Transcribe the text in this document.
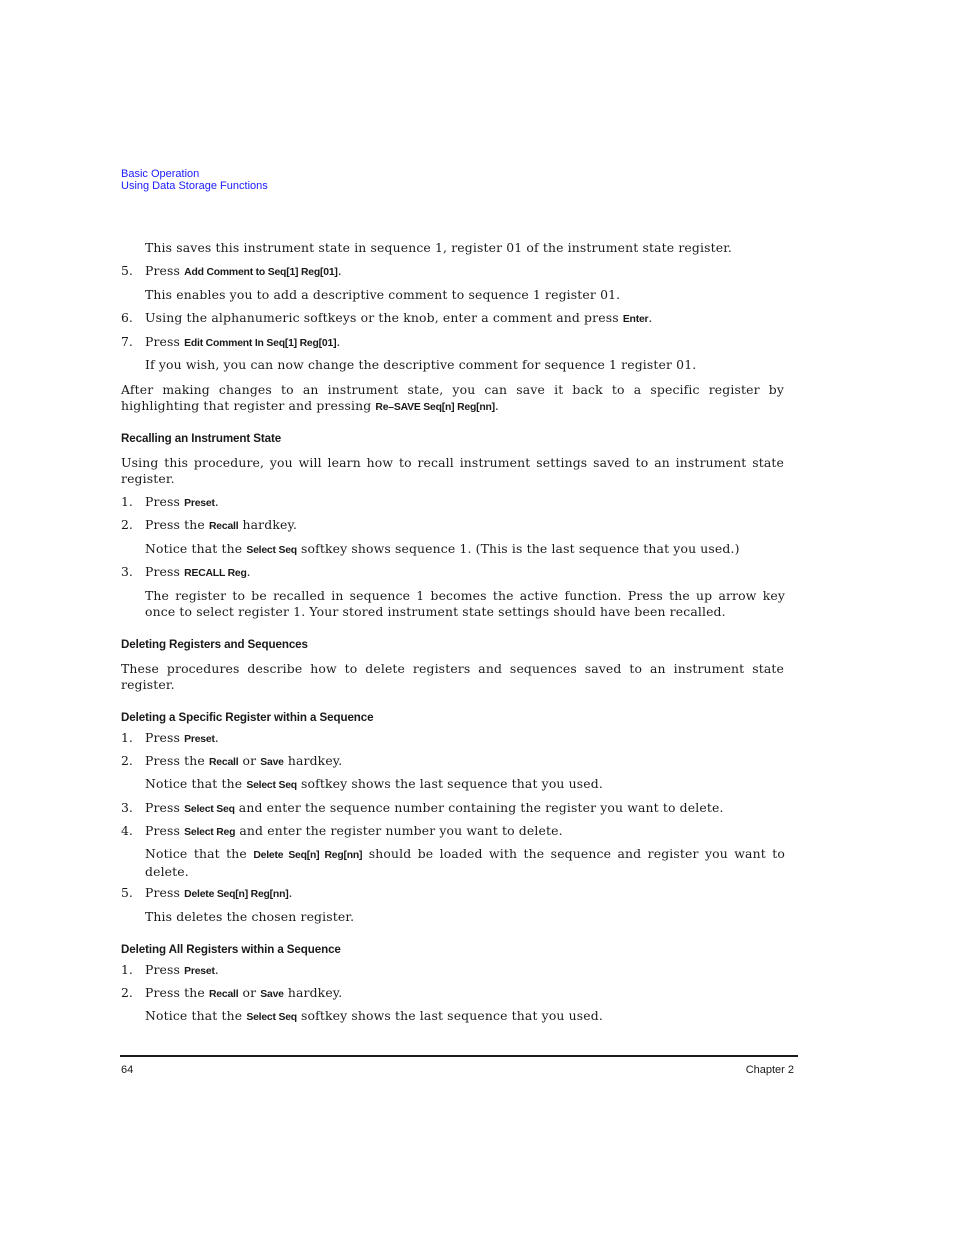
Basic Operation
Using Data Storage Functions
This saves this instrument state in sequence 1, register 01 of the instrument state register.
5. Press Add Comment to Seq[1] Reg[01].
This enables you to add a descriptive comment to sequence 1 register 01.
6. Using the alphanumeric softkeys or the knob, enter a comment and press Enter.
7. Press Edit Comment In Seq[1] Reg[01].
If you wish, you can now change the descriptive comment for sequence 1 register 01.
After making changes to an instrument state, you can save it back to a specific register by highlighting that register and pressing Re–SAVE Seq[n] Reg[nn].
Recalling an Instrument State
Using this procedure, you will learn how to recall instrument settings saved to an instrument state register.
1. Press Preset.
2. Press the Recall hardkey.
Notice that the Select Seq softkey shows sequence 1. (This is the last sequence that you used.)
3. Press RECALL Reg.
The register to be recalled in sequence 1 becomes the active function. Press the up arrow key once to select register 1. Your stored instrument state settings should have been recalled.
Deleting Registers and Sequences
These procedures describe how to delete registers and sequences saved to an instrument state register.
Deleting a Specific Register within a Sequence
1. Press Preset.
2. Press the Recall or Save hardkey.
Notice that the Select Seq softkey shows the last sequence that you used.
3. Press Select Seq and enter the sequence number containing the register you want to delete.
4. Press Select Reg and enter the register number you want to delete.
Notice that the Delete Seq[n] Reg[nn] should be loaded with the sequence and register you want to delete.
5. Press Delete Seq[n] Reg[nn].
This deletes the chosen register.
Deleting All Registers within a Sequence
1. Press Preset.
2. Press the Recall or Save hardkey.
Notice that the Select Seq softkey shows the last sequence that you used.
64	Chapter 2
